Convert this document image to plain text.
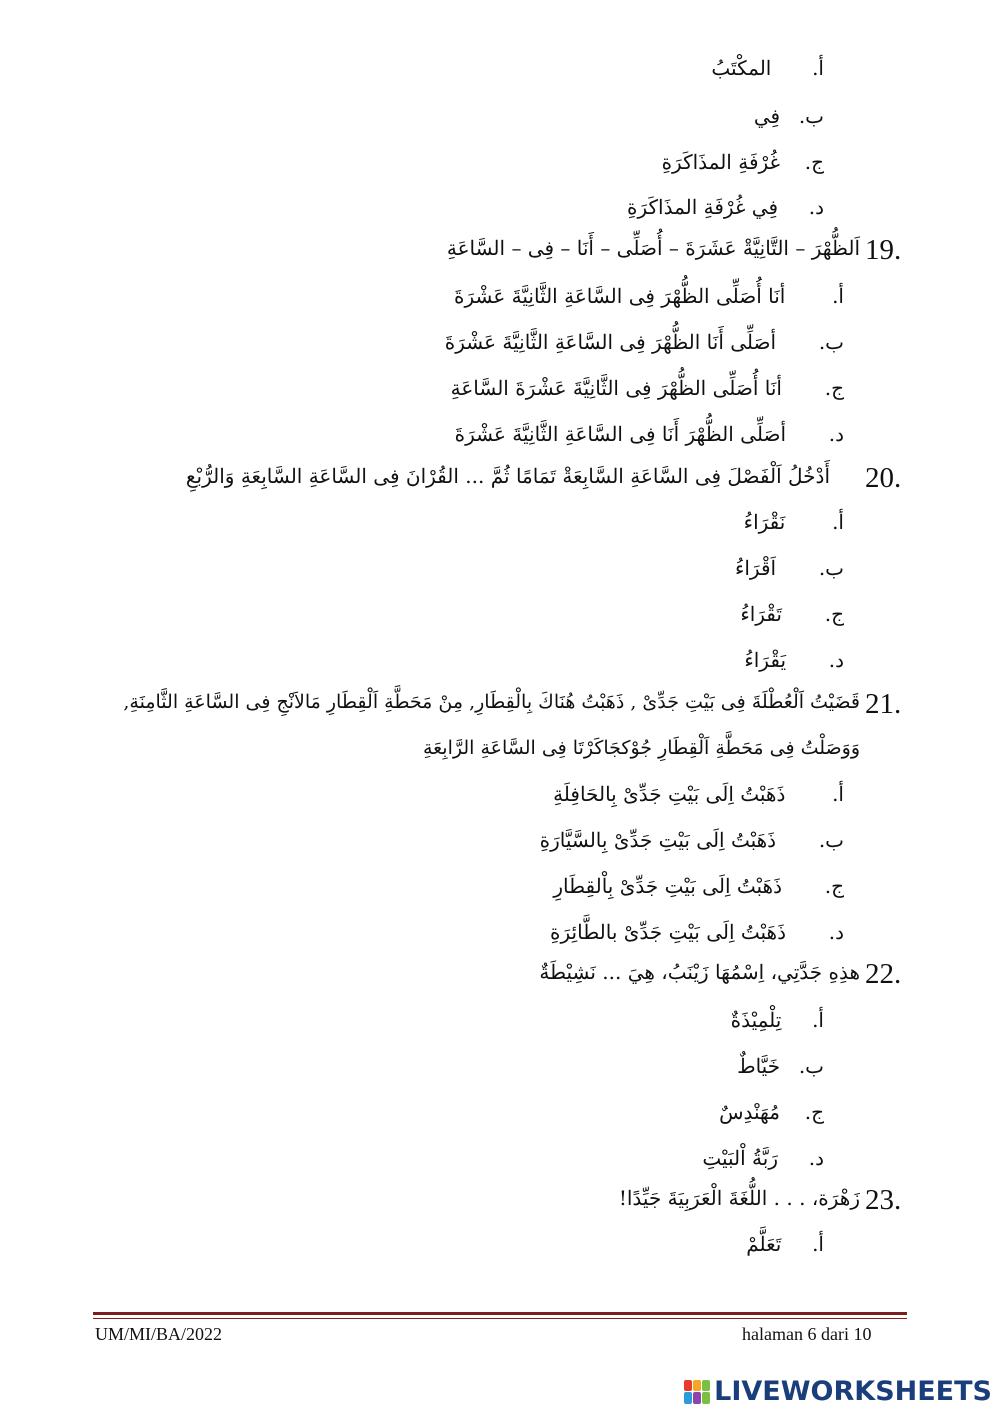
أ.  المكْتَبُ
ب.  فِي
ج.  غُرْفَةِ المذَاكَرَةِ
د.  فِي غُرْفَةِ المذَاكَرَةِ
19.
اَلظُّهْرَ – التَّانِيَّةْ عَشَرَةَ – أُصَلِّى – أَنَا – فِى – السَّاعَةِ
أ.  أنَا أُصَلِّى الظُّهْرَ فِى السَّاعَةِ الثَّانِيَّةَ عَشْرَةَ
ب.  أصَلِّى أَنَا الظُّهْرَ فِى السَّاعَةِ الثَّانِيَّةَ عَشْرَةَ
ج.  أنَا أُصَلِّى الظُّهْرَ فِى الثَّانِيَّةَ عَشْرَةَ السَّاعَةِ
د.  أصَلِّى الظُّهْرَ أَنَا فِى السَّاعَةِ الثَّانِيَّةَ عَشْرَةَ
20.
أَدْخُلُ اَلْفَصْلَ فِى السَّاعَةِ السَّابِعَةْ تَمَامًا ثُمَّ ... القُرْانَ فِى السَّاعَةِ السَّابِعَةِ وَالرُّبْعِ
أ.  نَقْرَاءُ
ب.  اَقْرَاءُ
ج.  تَقْرَاءُ
د.  يَقْرَاءُ
21.
قَضَيْتُ اَلْعُطْلَةَ فِى بَيْتِ جَدِّىْ , ذَهَبْتُ هُنَاكَ بِالْقِطَارِ, مِنْ مَحَطَّةِ اَلْقِطَارِ مَالاَنْجِ فِى السَّاعَةِ الثَّامِنَةِ,
وَوَصَلْتُ فِى مَحَطَّةِ اَلْقِطَارِ جُوْكجَاكَرْتَا فِى السَّاعَةِ الرَّابِعَةِ
أ.  ذَهَبْتُ اِلَى بَيْتِ جَدِّىْ بِالحَافِلَةِ
ب.  ذَهَبْتُ اِلَى بَيْتِ جَدِّىْ بِالسَّيَّارَةِ
ج.  ذَهَبْتُ اِلَى بَيْتِ جَدِّىْ بِاْلقِطَارِ
د.  ذَهَبْتُ اِلَى بَيْتِ جَدِّىْ بالطَّائِرَةِ
22.
هذِهِ جَدَّتِي، اِسْمُهَا زَيْنَبُ، هِيَ ... نَشِيْطَةٌ
أ.  تِلْمِيْذَةٌ
ب.  خَيَّاطٌ
ج.  مُهَنْدِسٌ
د.  رَبَّةُ اْلبَيْتِ
23.
زَهْرَة، . . . اللُّغَةَ الْعَرَبِيَةَ جَيِّدًا!
أ.  تَعَلَّمْ
UM/MI/BA/2022	halaman 6 dari 10
LIVEWORKSHEETS
